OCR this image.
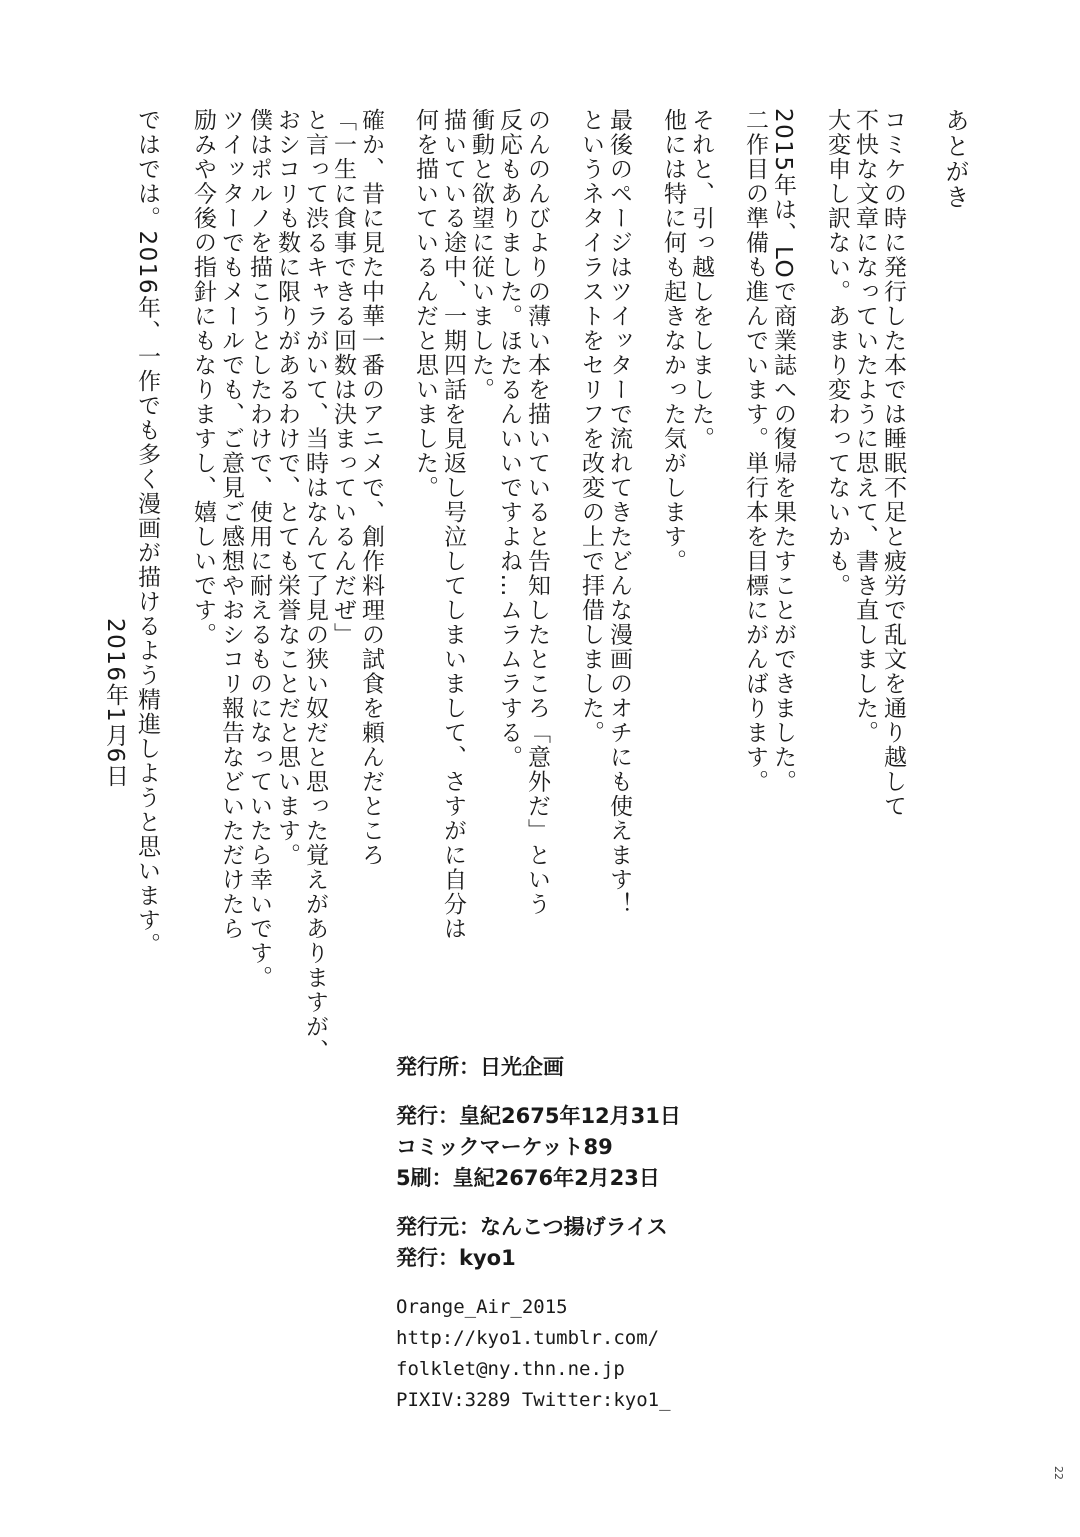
あとがき
コミケの時に発行した本では睡眠不足と疲労で乱文を通り越して
不快な文章になっていたように思えて、書き直しました。
大変申し訳ない。あまり変わってないかも。
2015年は、LOで商業誌への復帰を果たすことができました。
二作目の準備も進んでいます。単行本を目標にがんばります。
それと、引っ越しをしました。
他には特に何も起きなかった気がします。
最後のページはツイッターで流れてきたどんな漫画のオチにも使えます！
というネタイラストをセリフを改変の上で拝借しました。
のんのんびよりの薄い本を描いていると告知したところ「意外だ」という
反応もありました。ほたるんいいですよね…ムラムラする。
衝動と欲望に従いました。
描いている途中、一期四話を見返し号泣してしまいまして、さすがに自分は
何を描いているんだと思いました。
確か、昔に見た中華一番のアニメで、創作料理の試食を頼んだところ
「一生に食事できる回数は決まっているんだぜ」
と言って渋るキャラがいて、当時はなんて了見の狭い奴だと思った覚えがありますが、
おシコリも数に限りがあるわけで、とても栄誉なことだと思います。
僕はポルノを描こうとしたわけで、使用に耐えるものになっていたら幸いです。
ツイッターでもメールでも、ご意見ご感想やおシコリ報告などいただけたら
励みや今後の指針にもなりますし、嬉しいです。
ではでは。2016年、一作でも多く漫画が描けるよう精進しようと思います。
2016年1月6日
発行所：日光企画
発行：皇紀2675年12月31日
コミックマーケット89
5刷：皇紀2676年2月23日
発行元：なんこつ揚げライス
発行：kyo1
Orange_Air_2015
http://kyo1.tumblr.com/
folklet@ny.thn.ne.jp
PIXIV:3289 Twitter:kyo1_
22
